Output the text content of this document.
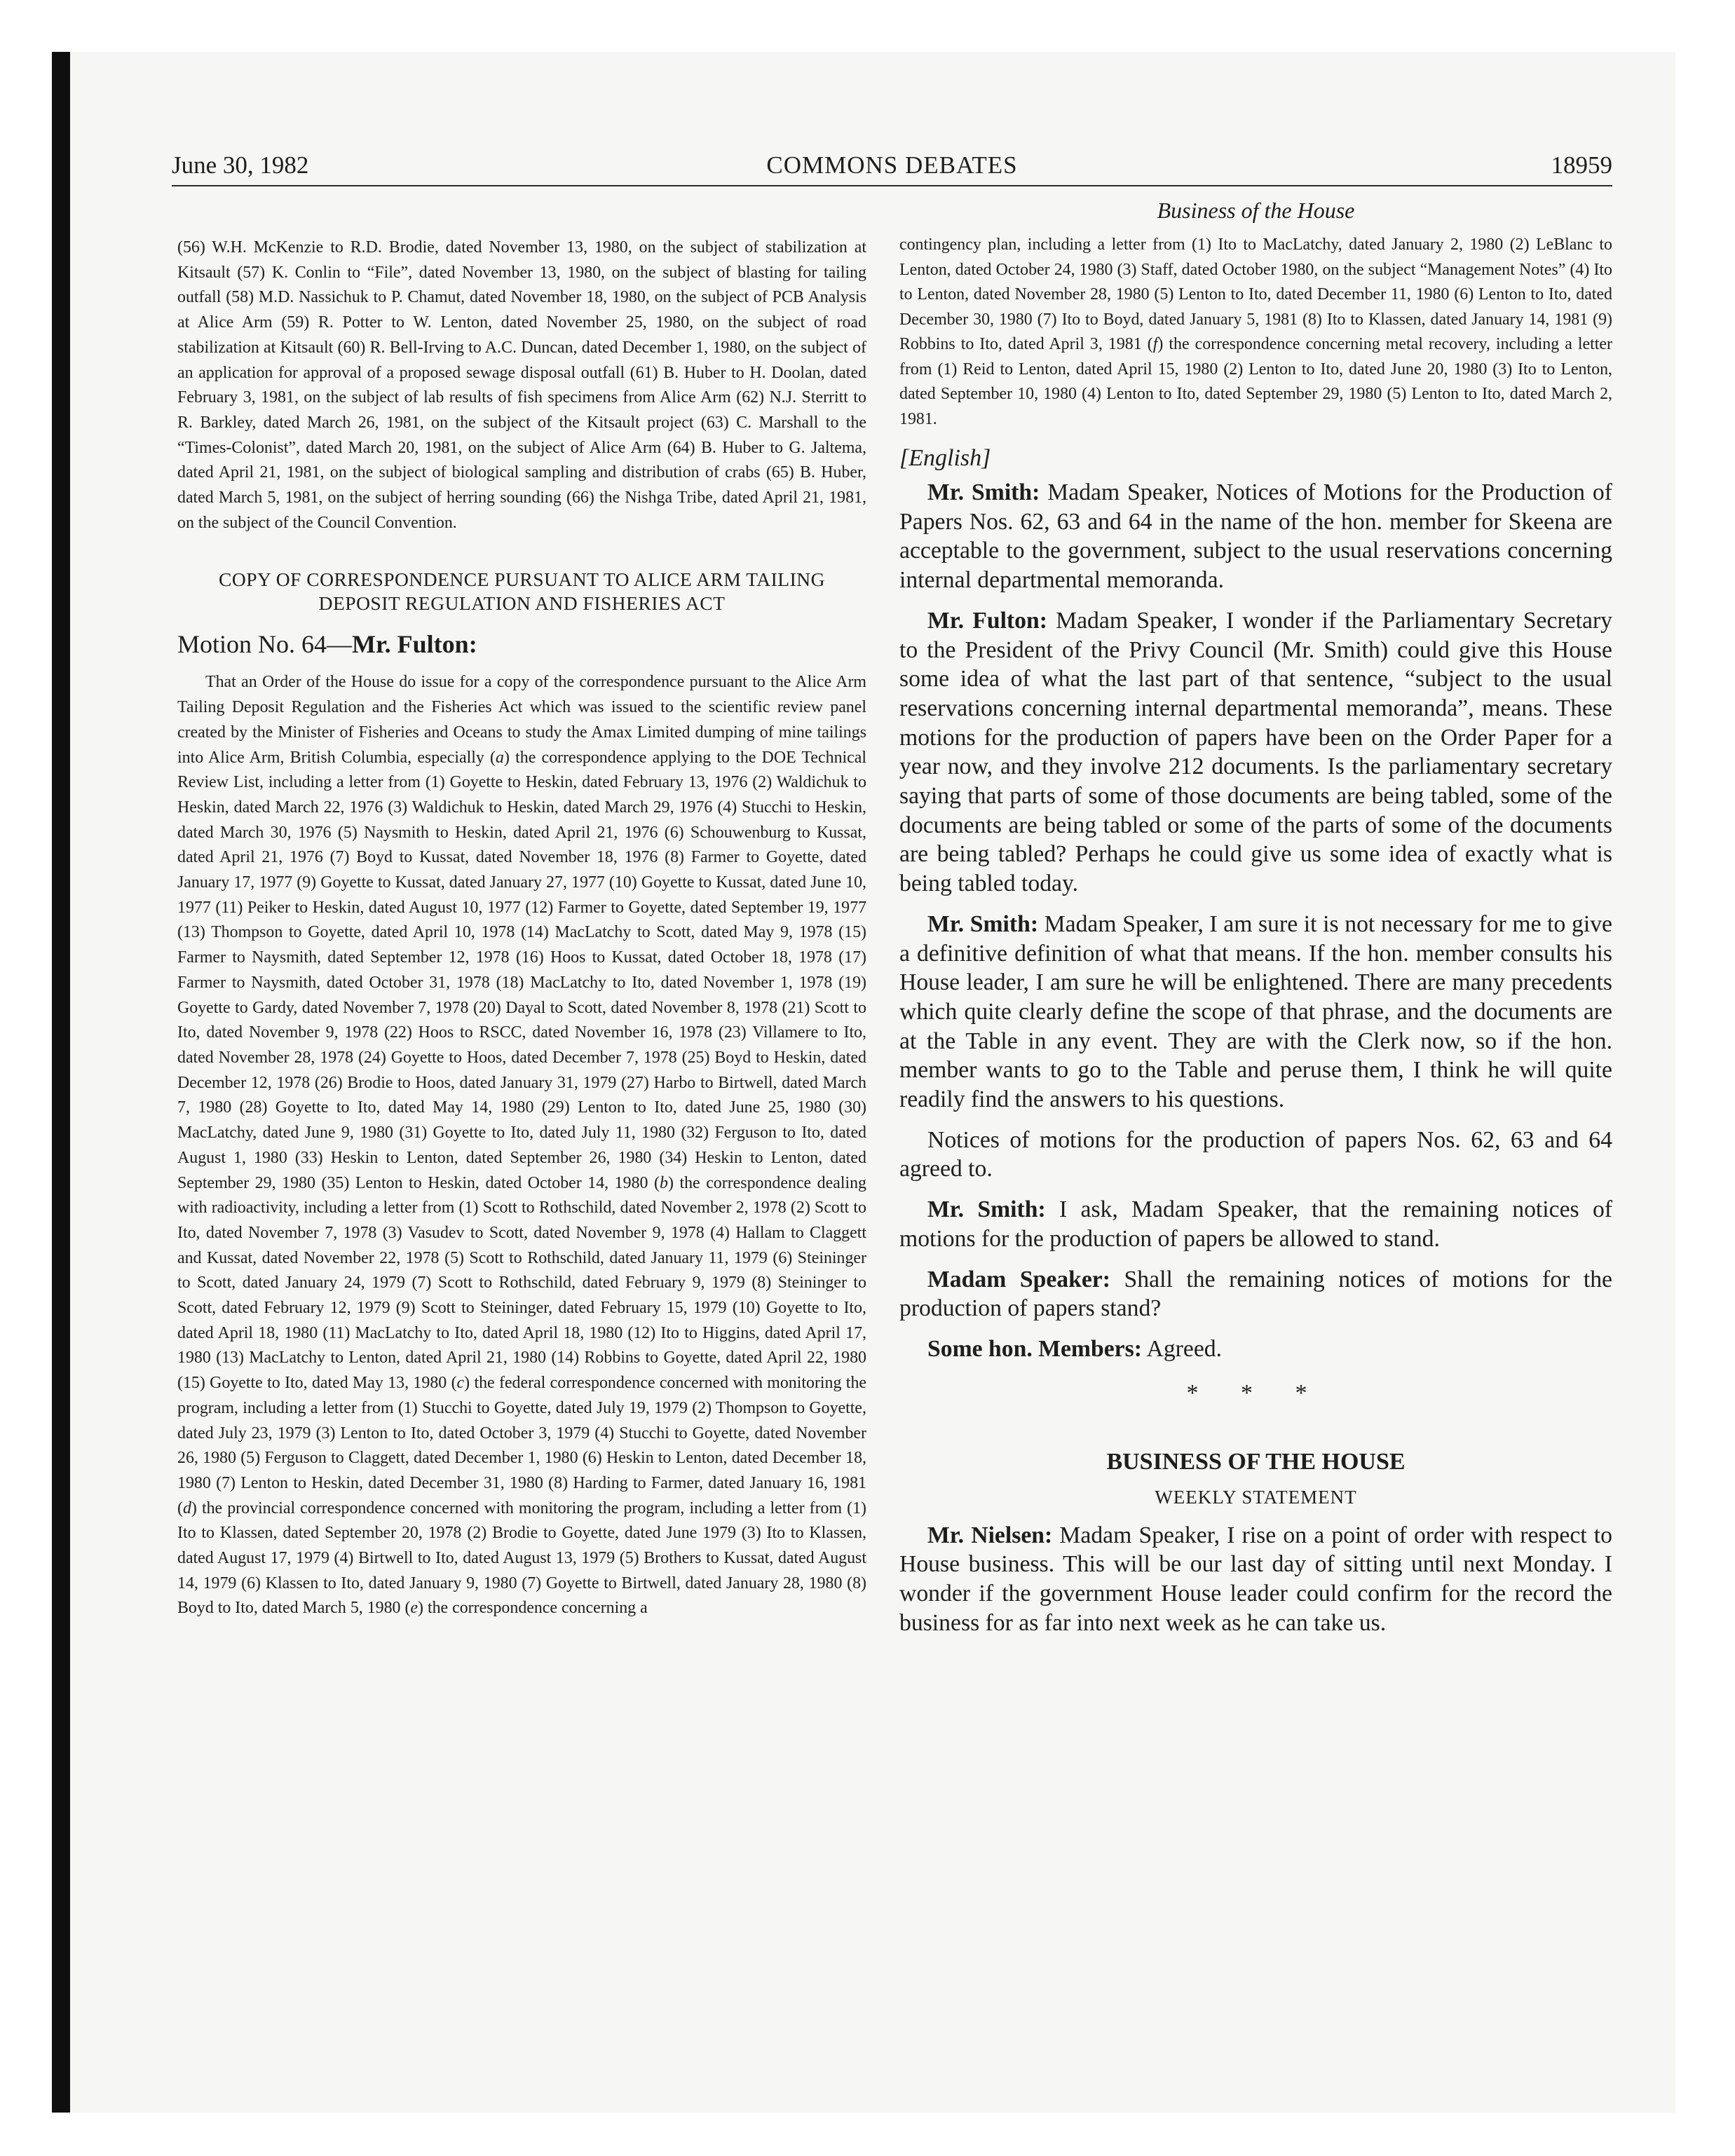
June 30, 1982	COMMONS DEBATES	18959

(56) W.H. McKenzie to R.D. Brodie, dated November 13, 1980, on the subject of stabilization at Kitsault (57) K. Conlin to “File”, dated November 13, 1980, on the subject of blasting for tailing outfall (58) M.D. Nassichuk to P. Chamut, dated November 18, 1980, on the subject of PCB Analysis at Alice Arm (59) R. Potter to W. Lenton, dated November 25, 1980, on the subject of road stabilization at Kitsault (60) R. Bell-Irving to A.C. Duncan, dated December 1, 1980, on the subject of an application for approval of a proposed sewage disposal outfall (61) B. Huber to H. Doolan, dated February 3, 1981, on the subject of lab results of fish specimens from Alice Arm (62) N.J. Sterritt to R. Barkley, dated March 26, 1981, on the subject of the Kitsault project (63) C. Marshall to the “Times-Colonist”, dated March 20, 1981, on the subject of Alice Arm (64) B. Huber to G. Jaltema, dated April 21, 1981, on the subject of biological sampling and distribution of crabs (65) B. Huber, dated March 5, 1981, on the subject of herring sounding (66) the Nishga Tribe, dated April 21, 1981, on the subject of the Council Convention.

COPY OF CORRESPONDENCE PURSUANT TO ALICE ARM TAILING DEPOSIT REGULATION AND FISHERIES ACT
Motion No. 64—Mr. Fulton:

That an Order of the House do issue for a copy of the correspondence pursuant to the Alice Arm Tailing Deposit Regulation and the Fisheries Act which was issued to the scientific review panel created by the Minister of Fisheries and Oceans to study the Amax Limited dumping of mine tailings into Alice Arm, British Columbia, especially (a) the correspondence applying to the DOE Technical Review List, including a letter from (1) Goyette to Heskin, dated February 13, 1976 (2) Waldichuk to Heskin, dated March 22, 1976 (3) Waldichuk to Heskin, dated March 29, 1976 (4) Stucchi to Heskin, dated March 30, 1976 (5) Naysmith to Heskin, dated April 21, 1976 (6) Schouwenburg to Kussat, dated April 21, 1976 (7) Boyd to Kussat, dated November 18, 1976 (8) Farmer to Goyette, dated January 17, 1977 (9) Goyette to Kussat, dated January 27, 1977 (10) Goyette to Kussat, dated June 10, 1977 (11) Peiker to Heskin, dated August 10, 1977 (12) Farmer to Goyette, dated September 19, 1977 (13) Thompson to Goyette, dated April 10, 1978 (14) MacLatchy to Scott, dated May 9, 1978 (15) Farmer to Naysmith, dated September 12, 1978 (16) Hoos to Kussat, dated October 18, 1978 (17) Farmer to Naysmith, dated October 31, 1978 (18) MacLatchy to Ito, dated November 1, 1978 (19) Goyette to Gardy, dated November 7, 1978 (20) Dayal to Scott, dated November 8, 1978 (21) Scott to Ito, dated November 9, 1978 (22) Hoos to RSCC, dated November 16, 1978 (23) Villamere to Ito, dated November 28, 1978 (24) Goyette to Hoos, dated December 7, 1978 (25) Boyd to Heskin, dated December 12, 1978 (26) Brodie to Hoos, dated January 31, 1979 (27) Harbo to Birtwell, dated March 7, 1980 (28) Goyette to Ito, dated May 14, 1980 (29) Lenton to Ito, dated June 25, 1980 (30) MacLatchy, dated June 9, 1980 (31) Goyette to Ito, dated July 11, 1980 (32) Ferguson to Ito, dated August 1, 1980 (33) Heskin to Lenton, dated September 26, 1980 (34) Heskin to Lenton, dated September 29, 1980 (35) Lenton to Heskin, dated October 14, 1980 (b) the correspondence dealing with radioactivity, including a letter from (1) Scott to Rothschild, dated November 2, 1978 (2) Scott to Ito, dated November 7, 1978 (3) Vasudev to Scott, dated November 9, 1978 (4) Hallam to Claggett and Kussat, dated November 22, 1978 (5) Scott to Rothschild, dated January 11, 1979 (6) Steininger to Scott, dated January 24, 1979 (7) Scott to Rothschild, dated February 9, 1979 (8) Steininger to Scott, dated February 12, 1979 (9) Scott to Steininger, dated February 15, 1979 (10) Goyette to Ito, dated April 18, 1980 (11) MacLatchy to Ito, dated April 18, 1980 (12) Ito to Higgins, dated April 17, 1980 (13) MacLatchy to Lenton, dated April 21, 1980 (14) Robbins to Goyette, dated April 22, 1980 (15) Goyette to Ito, dated May 13, 1980 (c) the federal correspondence concerned with monitoring the program, including a letter from (1) Stucchi to Goyette, dated July 19, 1979 (2) Thompson to Goyette, dated July 23, 1979 (3) Lenton to Ito, dated October 3, 1979 (4) Stucchi to Goyette, dated November 26, 1980 (5) Ferguson to Claggett, dated December 1, 1980 (6) Heskin to Lenton, dated December 18, 1980 (7) Lenton to Heskin, dated December 31, 1980 (8) Harding to Farmer, dated January 16, 1981 (d) the provincial correspondence concerned with monitoring the program, including a letter from (1) Ito to Klassen, dated September 20, 1978 (2) Brodie to Goyette, dated June 1979 (3) Ito to Klassen, dated August 17, 1979 (4) Birtwell to Ito, dated August 13, 1979 (5) Brothers to Kussat, dated August 14, 1979 (6) Klassen to Ito, dated January 9, 1980 (7) Goyette to Birtwell, dated January 28, 1980 (8) Boyd to Ito, dated March 5, 1980 (e) the correspondence concerning a

Business of the House

contingency plan, including a letter from (1) Ito to MacLatchy, dated January 2, 1980 (2) LeBlanc to Lenton, dated October 24, 1980 (3) Staff, dated October 1980, on the subject “Management Notes” (4) Ito to Lenton, dated November 28, 1980 (5) Lenton to Ito, dated December 11, 1980 (6) Lenton to Ito, dated December 30, 1980 (7) Ito to Boyd, dated January 5, 1981 (8) Ito to Klassen, dated January 14, 1981 (9) Robbins to Ito, dated April 3, 1981 (f) the correspondence concerning metal recovery, including a letter from (1) Reid to Lenton, dated April 15, 1980 (2) Lenton to Ito, dated June 20, 1980 (3) Ito to Lenton, dated September 10, 1980 (4) Lenton to Ito, dated September 29, 1980 (5) Lenton to Ito, dated March 2, 1981.

[English]

Mr. Smith: Madam Speaker, Notices of Motions for the Production of Papers Nos. 62, 63 and 64 in the name of the hon. member for Skeena are acceptable to the government, subject to the usual reservations concerning internal departmental memoranda.

Mr. Fulton: Madam Speaker, I wonder if the Parliamentary Secretary to the President of the Privy Council (Mr. Smith) could give this House some idea of what the last part of that sentence, “subject to the usual reservations concerning internal departmental memoranda”, means. These motions for the production of papers have been on the Order Paper for a year now, and they involve 212 documents. Is the parliamentary secretary saying that parts of some of those documents are being tabled, some of the documents are being tabled or some of the parts of some of the documents are being tabled? Perhaps he could give us some idea of exactly what is being tabled today.

Mr. Smith: Madam Speaker, I am sure it is not necessary for me to give a definitive definition of what that means. If the hon. member consults his House leader, I am sure he will be enlightened. There are many precedents which quite clearly define the scope of that phrase, and the documents are at the Table in any event. They are with the Clerk now, so if the hon. member wants to go to the Table and peruse them, I think he will quite readily find the answers to his questions.

Notices of motions for the production of papers Nos. 62, 63 and 64 agreed to.

Mr. Smith: I ask, Madam Speaker, that the remaining notices of motions for the production of papers be allowed to stand.

Madam Speaker: Shall the remaining notices of motions for the production of papers stand?

Some hon. Members: Agreed.

* * *
BUSINESS OF THE HOUSE
WEEKLY STATEMENT

Mr. Nielsen: Madam Speaker, I rise on a point of order with respect to House business. This will be our last day of sitting until next Monday. I wonder if the government House leader could confirm for the record the business for as far into next week as he can take us.
